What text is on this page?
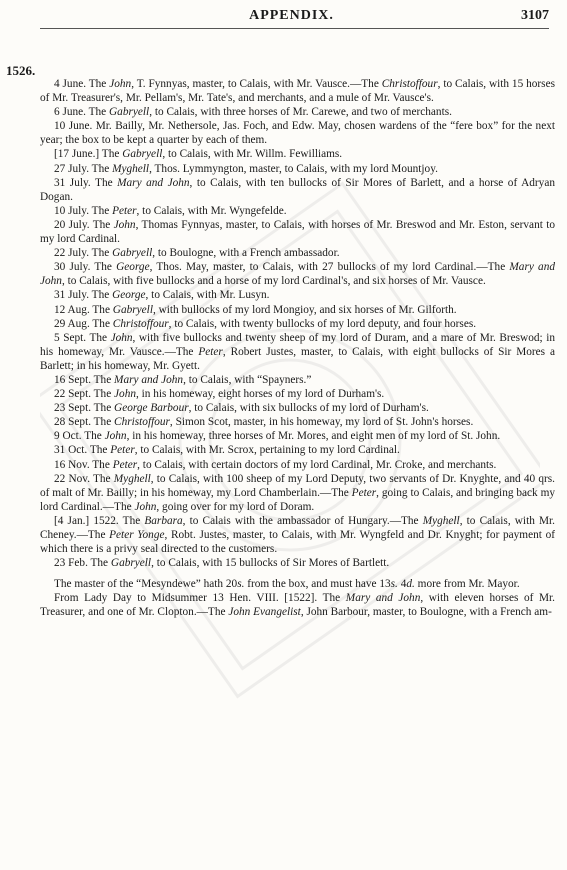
APPENDIX.	3107
1526.

4 June. The John, T. Fynnyas, master, to Calais, with Mr. Vausce.—The Christoffour, to Calais, with 15 horses of Mr. Treasurer's, Mr. Pellam's, Mr. Tate's, and merchants, and a mule of Mr. Vausce's.

6 June. The Gabryell, to Calais, with three horses of Mr. Carewe, and two of merchants.

10 June. Mr. Bailly, Mr. Nethersole, Jas. Foch, and Edw. May, chosen wardens of the “fere box” for the next year; the box to be kept a quarter by each of them.

[17 June.] The Gabryell, to Calais, with Mr. Willm. Fewilliams.

27 July. The Myghell, Thos. Lymmyngton, master, to Calais, with my lord Mountjoy.

31 July. The Mary and John, to Calais, with ten bullocks of Sir Mores of Barlett, and a horse of Adryan Dogan.

10 July. The Peter, to Calais, with Mr. Wyngefelde.

20 July. The John, Thomas Fynnyas, master, to Calais, with horses of Mr. Breswod and Mr. Eston, servant to my lord Cardinal.

22 July. The Gabryell, to Boulogne, with a French ambassador.

30 July. The George, Thos. May, master, to Calais, with 27 bullocks of my lord Cardinal.—The Mary and John, to Calais, with five bullocks and a horse of my lord Cardinal's, and six horses of Mr. Vausce.

31 July. The George, to Calais, with Mr. Lusyn.

12 Aug. The Gabryell, with bullocks of my lord Mongioy, and six horses of Mr. Gilforth.

29 Aug. The Christoffour, to Calais, with twenty bullocks of my lord deputy, and four horses.

5 Sept. The John, with five bullocks and twenty sheep of my lord of Duram, and a mare of Mr. Breswod; in his homeway, Mr. Vausce.—The Peter, Robert Justes, master, to Calais, with eight bullocks of Sir Mores a Barlett; in his homeway, Mr. Gyett.

16 Sept. The Mary and John, to Calais, with “Spayners.”

22 Sept. The John, in his homeway, eight horses of my lord of Durham's.

23 Sept. The George Barbour, to Calais, with six bullocks of my lord of Durham's.

28 Sept. The Christoffour, Simon Scot, master, in his homeway, my lord of St. John's horses.

9 Oct. The John, in his homeway, three horses of Mr. Mores, and eight men of my lord of St. John.

31 Oct. The Peter, to Calais, with Mr. Scrox, pertaining to my lord Cardinal.

16 Nov. The Peter, to Calais, with certain doctors of my lord Cardinal, Mr. Croke, and merchants.

22 Nov. The Myghell, to Calais, with 100 sheep of my Lord Deputy, two servants of Dr. Knyghte, and 40 qrs. of malt of Mr. Bailly; in his homeway, my Lord Chamberlain.—The Peter, going to Calais, and bringing back my lord Cardinal.—The John, going over for my lord of Doram.

[4 Jan.] 1522. The Barbara, to Calais with the ambassador of Hungary.—The Myghell, to Calais, with Mr. Cheney.—The Peter Yonge, Robt. Justes, master, to Calais, with Mr. Wyngfeld and Dr. Knyght; for payment of which there is a privy seal directed to the customers.

23 Feb. The Gabryell, to Calais, with 15 bullocks of Sir Mores of Bartlett.

The master of the “Mesyndewe” hath 20s. from the box, and must have 13s. 4d. more from Mr. Mayor.

From Lady Day to Midsummer 13 Hen. VIII. [1522]. The Mary and John, with eleven horses of Mr. Treasurer, and one of Mr. Clopton.—The John Evangelist, John Barbour, master, to Boulogne, with a French am-
